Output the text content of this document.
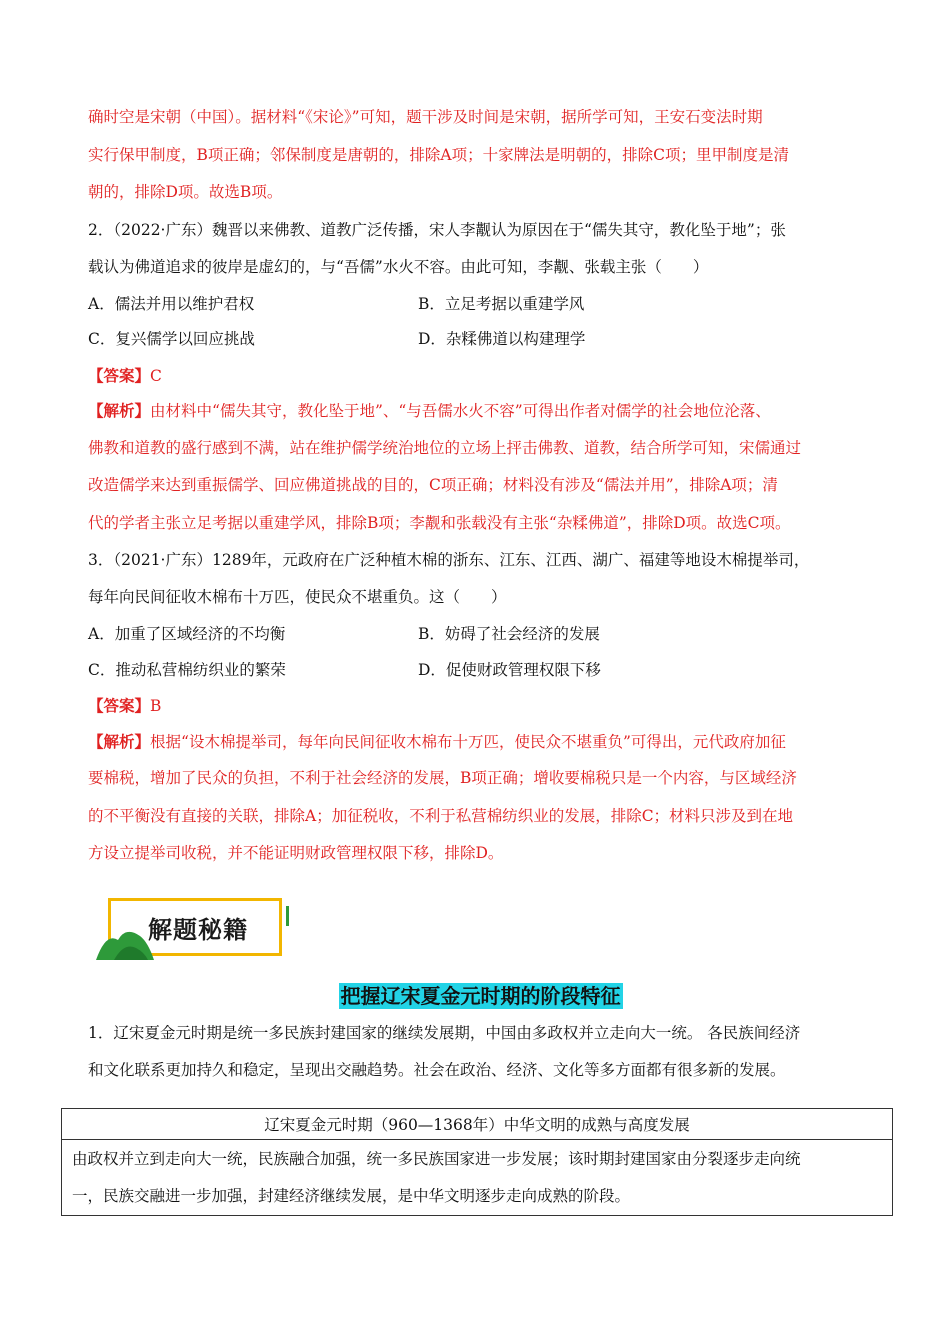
确时空是宋朝（中国）。据材料“《宋论》”可知，题干涉及时间是宋朝，据所学可知，王安石变法时期

实行保甲制度，B项正确；邻保制度是唐朝的，排除A项；十家牌法是明朝的，排除C项；里甲制度是清

朝的，排除D项。故选B项。

2．（2022·广东）魏晋以来佛教、道教广泛传播，宋人李觏认为原因在于“儒失其守，教化坠于地”；张

载认为佛道追求的彼岸是虚幻的，与“吾儒”水火不容。由此可知，李觏、张载主张（　　）

A．儒法并用以维护君权	B．立足考据以重建学风
C．复兴儒学以回应挑战	D．杂糅佛道以构建理学
【答案】C

【解析】由材料中“儒失其守，教化坠于地”、“与吾儒水火不容”可得出作者对儒学的社会地位沦落、

佛教和道教的盛行感到不满，站在维护儒学统治地位的立场上抨击佛教、道教，结合所学可知，宋儒通过

改造儒学来达到重振儒学、回应佛道挑战的目的，C项正确；材料没有涉及“儒法并用”，排除A项；清

代的学者主张立足考据以重建学风，排除B项；李觏和张载没有主张“杂糅佛道”，排除D项。故选C项。

3．（2021·广东）1289年，元政府在广泛种植木棉的浙东、江东、江西、湖广、福建等地设木棉提举司，

每年向民间征收木棉布十万匹，使民众不堪重负。这（　　）

A．加重了区域经济的不均衡	B．妨碍了社会经济的发展
C．推动私营棉纺织业的繁荣	D．促使财政管理权限下移
【答案】B

【解析】根据“设木棉提举司，每年向民间征收木棉布十万匹，使民众不堪重负”可得出，元代政府加征

要棉税，增加了民众的负担，不利于社会经济的发展，B项正确；增收要棉税只是一个内容，与区域经济

的不平衡没有直接的关联，排除A；加征税收，不利于私营棉纺织业的发展，排除C；材料只涉及到在地

方设立提举司收税，并不能证明财政管理权限下移，排除D。

解题秘籍
把握辽宋夏金元时期的阶段特征

1．辽宋夏金元时期是统一多民族封建国家的继续发展期，中国由多政权并立走向大一统。 各民族间经济

和文化联系更加持久和稳定，呈现出交融趋势。社会在政治、经济、文化等多方面都有很多新的发展。

辽宋夏金元时期（960—1368年）中华文明的成熟与高度发展

由政权并立到走向大一统，民族融合加强，统一多民族国家进一步发展；该时期封建国家由分裂逐步走向统
一，民族交融进一步加强，封建经济继续发展，是中华文明逐步走向成熟的阶段。
